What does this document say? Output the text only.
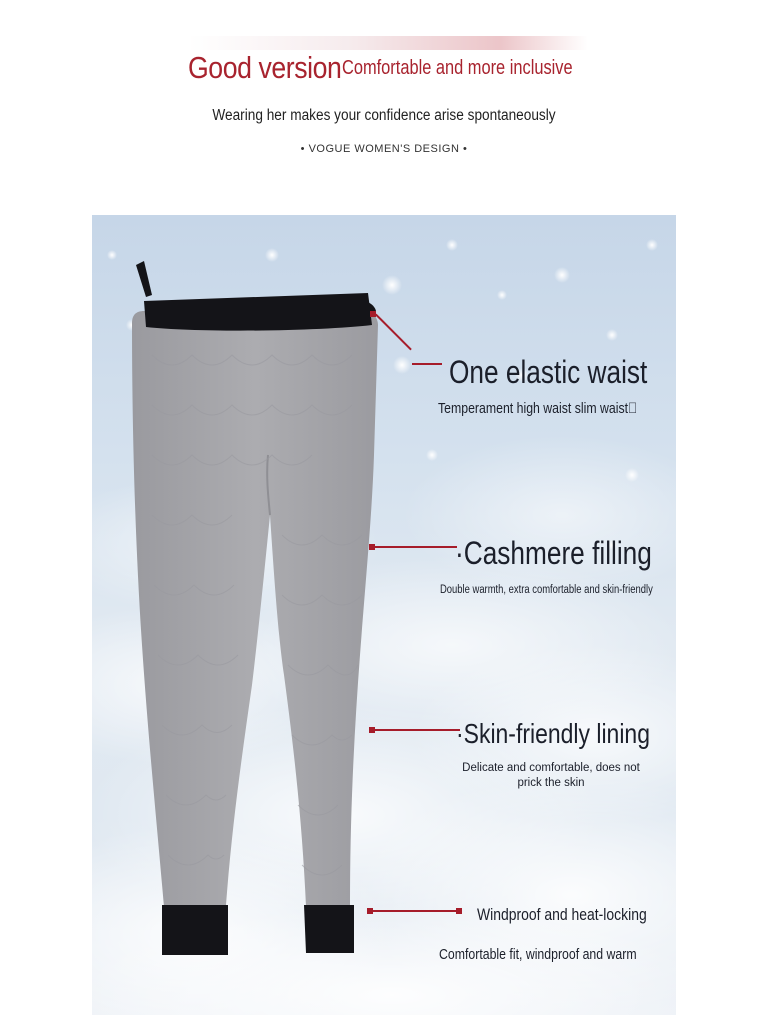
Good version Comfortable and more inclusive
Wearing her makes your confidence arise spontaneously
• VOGUE WOMEN'S DESIGN •
One elastic waist
Temperament high waist slim waist 
·Cashmere filling
Double warmth, extra comfortable and skin-friendly
·Skin-friendly lining
Delicate and comfortable, does not prick the skin
Windproof and heat-locking
Comfortable fit, windproof and warm
